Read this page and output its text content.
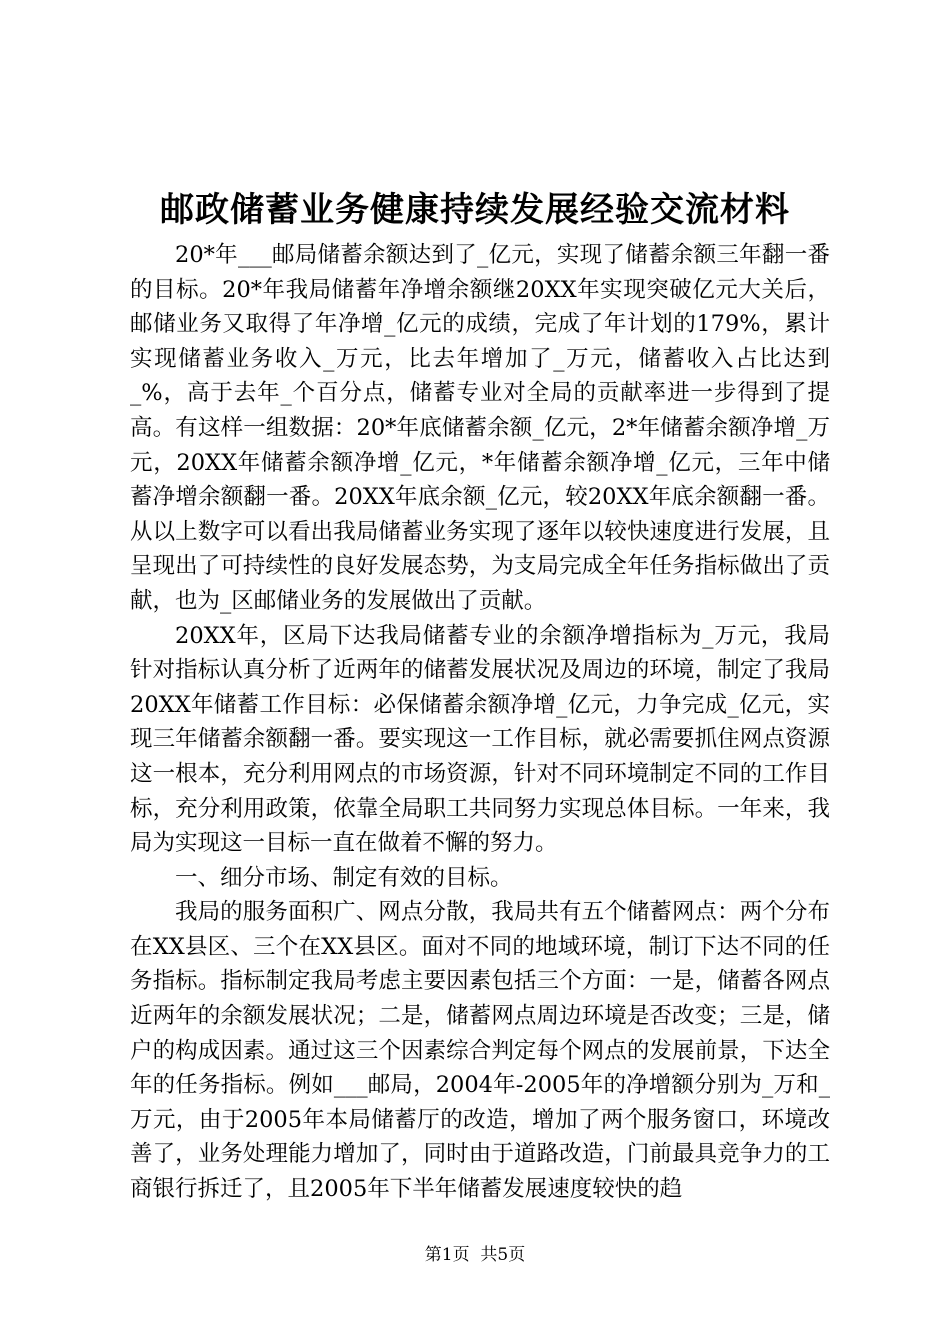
邮政储蓄业务健康持续发展经验交流材料

20*年___邮局储蓄余额达到了_亿元，实现了储蓄余额三年翻一番的目标。20*年我局储蓄年净增余额继20XX年实现突破亿元大关后，邮储业务又取得了年净增_亿元的成绩，完成了年计划的179%，累计实现储蓄业务收入_万元，比去年增加了_万元，储蓄收入占比达到_%，高于去年_个百分点，储蓄专业对全局的贡献率进一步得到了提高。有这样一组数据：20*年底储蓄余额_亿元，2*年储蓄余额净增_万元，20XX年储蓄余额净增_亿元，*年储蓄余额净增_亿元，三年中储蓄净增余额翻一番。20XX年底余额_亿元，较20XX年底余额翻一番。从以上数字可以看出我局储蓄业务实现了逐年以较快速度进行发展，且呈现出了可持续性的良好发展态势，为支局完成全年任务指标做出了贡献，也为_区邮储业务的发展做出了贡献。

20XX年，区局下达我局储蓄专业的余额净增指标为_万元，我局针对指标认真分析了近两年的储蓄发展状况及周边的环境，制定了我局20XX年储蓄工作目标：必保储蓄余额净增_亿元，力争完成_亿元，实现三年储蓄余额翻一番。要实现这一工作目标，就必需要抓住网点资源这一根本，充分利用网点的市场资源，针对不同环境制定不同的工作目标，充分利用政策，依靠全局职工共同努力实现总体目标。一年来，我局为实现这一目标一直在做着不懈的努力。

一、细分市场、制定有效的目标。

我局的服务面积广、网点分散，我局共有五个储蓄网点：两个分布在XX县区、三个在XX县区。面对不同的地域环境，制订下达不同的任务指标。指标制定我局考虑主要因素包括三个方面：一是，储蓄各网点近两年的余额发展状况；二是，储蓄网点周边环境是否改变；三是，储户的构成因素。通过这三个因素综合判定每个网点的发展前景，下达全年的任务指标。例如___邮局，2004年-2005年的净增额分别为_万和_万元，由于2005年本局储蓄厅的改造，增加了两个服务窗口，环境改善了，业务处理能力增加了，同时由于道路改造，门前最具竞争力的工商银行拆迁了，且2005年下半年储蓄发展速度较快的趋

第1页  共5页
